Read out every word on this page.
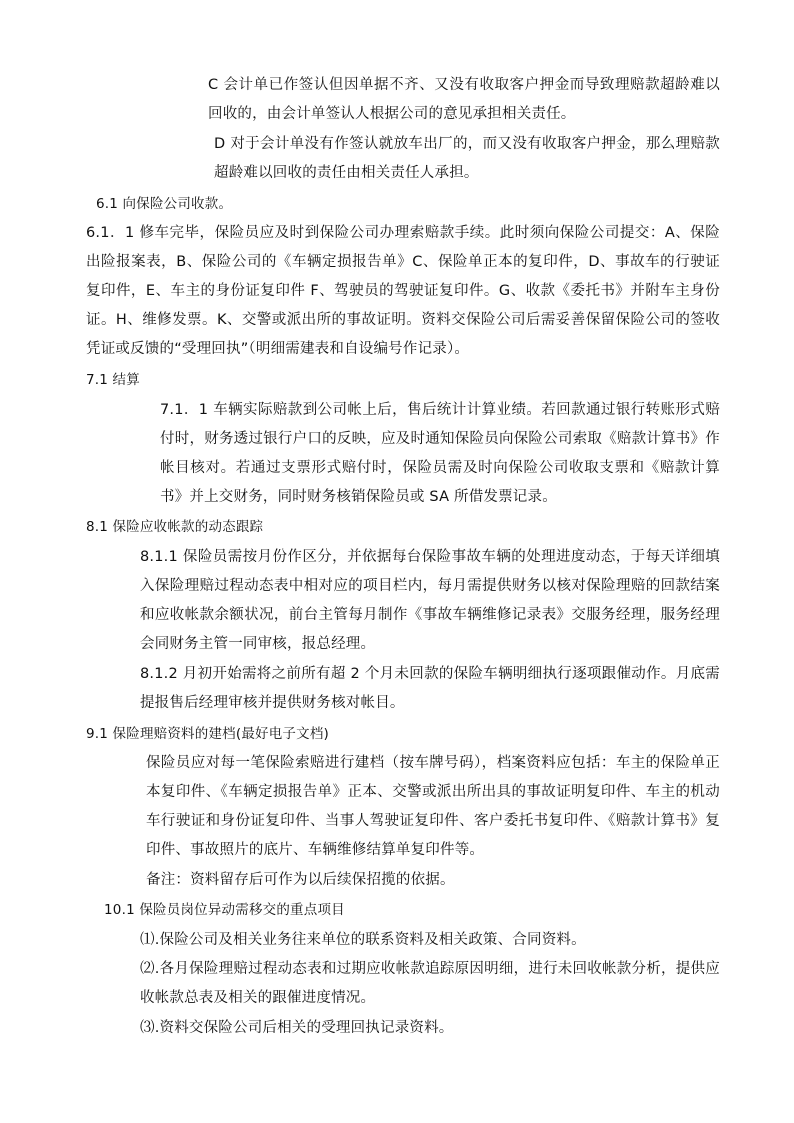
C 会计单已作签认但因单据不齐、又没有收取客户押金而导致理赔款超龄难以回收的，由会计单签认人根据公司的意见承担相关责任。

D 对于会计单没有作签认就放车出厂的，而又没有收取客户押金，那么理赔款超龄难以回收的责任由相关责任人承担。

6.1 向保险公司收款。

6.1．1 修车完毕，保险员应及时到保险公司办理索赔款手续。此时须向保险公司提交：A、保险出险报案表，B、保险公司的《车辆定损报告单》C、保险单正本的复印件，D、事故车的行驶证复印件，E、车主的身份证复印件 F、驾驶员的驾驶证复印件。G、收款《委托书》并附车主身份证。H、维修发票。K、交警或派出所的事故证明。资料交保险公司后需妥善保留保险公司的签收凭证或反馈的“受理回执”（明细需建表和自设编号作记录）。

7.1 结算

7.1．1 车辆实际赔款到公司帐上后，售后统计计算业绩。若回款通过银行转账形式赔付时，财务透过银行户口的反映，应及时通知保险员向保险公司索取《赔款计算书》作帐目核对。若通过支票形式赔付时，保险员需及时向保险公司收取支票和《赔款计算书》并上交财务，同时财务核销保险员或 SA 所借发票记录。

8.1 保险应收帐款的动态跟踪

8.1.1 保险员需按月份作区分，并依据每台保险事故车辆的处理进度动态，于每天详细填入保险理赔过程动态表中相对应的项目栏内，每月需提供财务以核对保险理赔的回款结案和应收帐款余额状况，前台主管每月制作《事故车辆维修记录表》交服务经理，服务经理会同财务主管一同审核，报总经理。

8.1.2 月初开始需将之前所有超 2 个月未回款的保险车辆明细执行逐项跟催动作。月底需提报售后经理审核并提供财务核对帐目。

9.1 保险理赔资料的建档(最好电子文档)

保险员应对每一笔保险索赔进行建档（按车牌号码），档案资料应包括：车主的保险单正本复印件、《车辆定损报告单》正本、交警或派出所出具的事故证明复印件、车主的机动车行驶证和身份证复印件、当事人驾驶证复印件、客户委托书复印件、《赔款计算书》复印件、事故照片的底片、车辆维修结算单复印件等。

备注：资料留存后可作为以后续保招揽的依据。

10.1 保险员岗位异动需移交的重点项目

⑴.保险公司及相关业务往来单位的联系资料及相关政策、合同资料。

⑵.各月保险理赔过程动态表和过期应收帐款追踪原因明细，进行未回收帐款分析，提供应收帐款总表及相关的跟催进度情况。

⑶.资料交保险公司后相关的受理回执记录资料。
